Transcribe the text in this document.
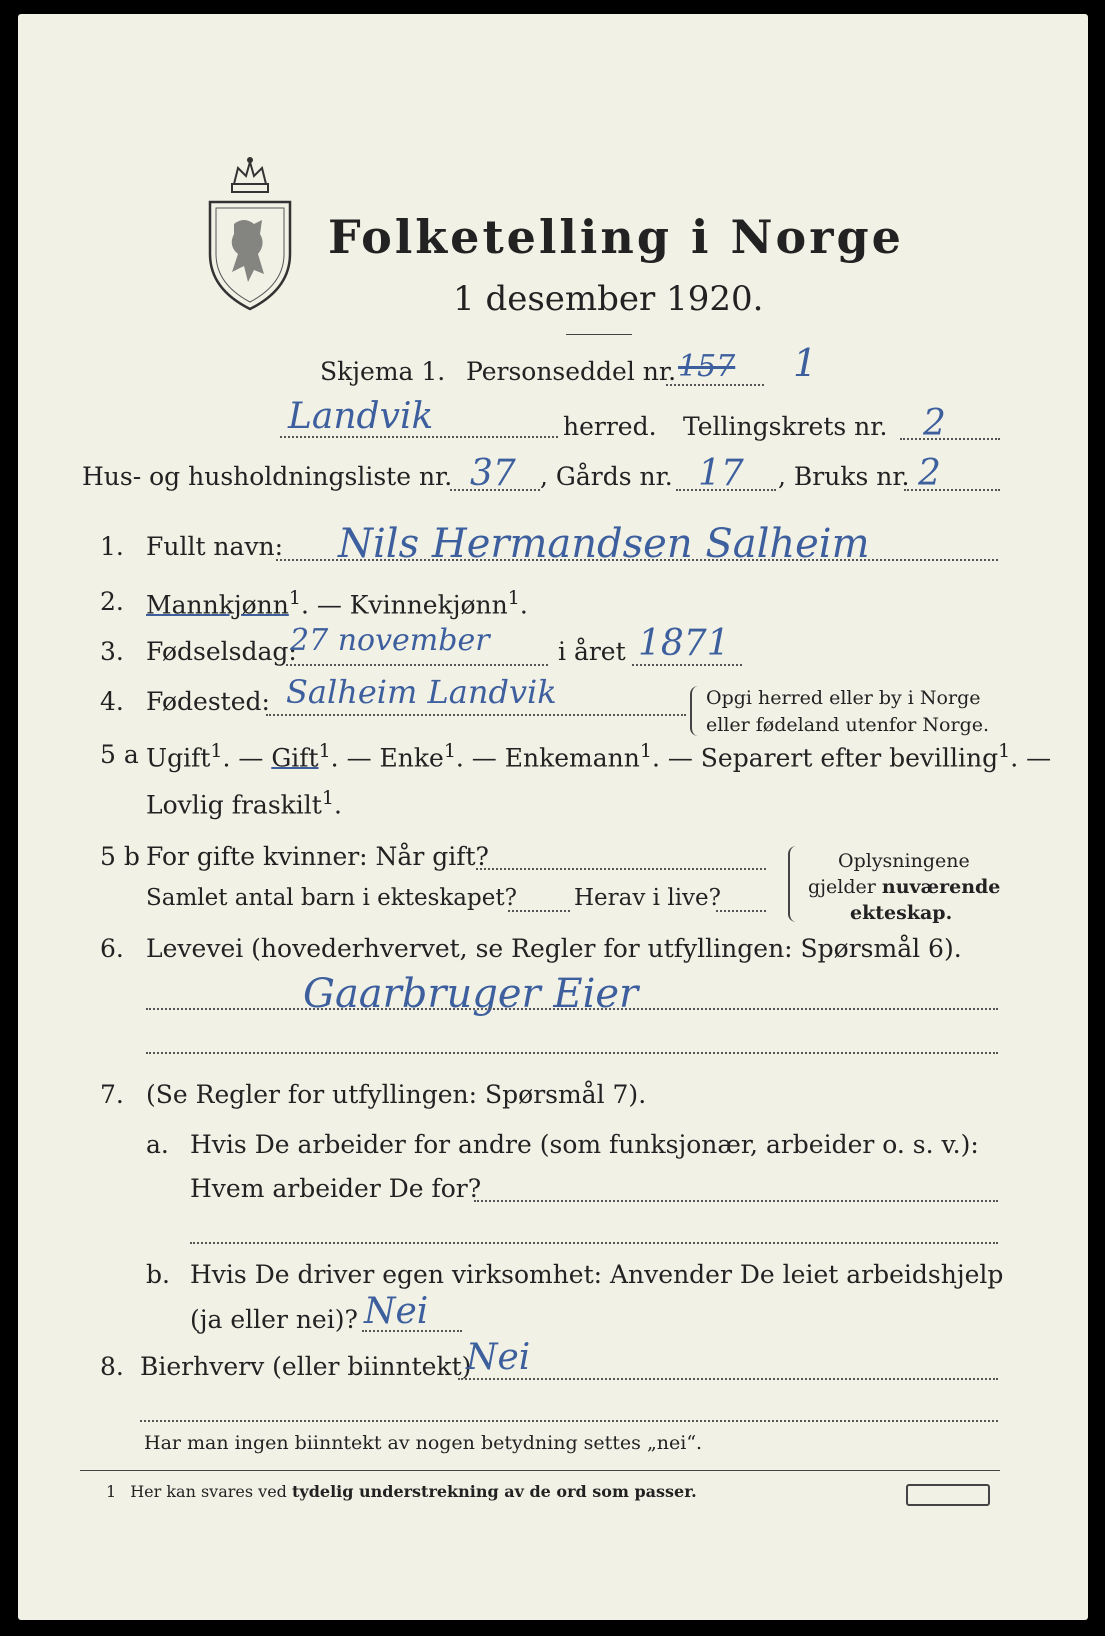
Folketelling i Norge
1 desember 1920.
Skjema 1. Personseddel nr. 157 1
Landvik	herred. Tellingskrets nr. 2
Hus- og husholdningsliste nr. 37 , Gårds nr. 17 , Bruks nr. 2
1. Fullt navn: Nils Hermandsen Salheim
2. Mannkjønn$^1$. — Kvinnekjønn$^1$.
3. Fødselsdag:
27 november	i året 1871
4. Fødested: Salheim Landvik	Opgi herred eller by i Norge
eller fødeland utenfor Norge.
5 a Ugift$^1$. — Gift$^1$. — Enke$^1$. — Enkemann$^1$. — Separert efter bevilling$^1$. —
Lovlig fraskilt$^1$.
5 b For gifte kvinner: Når gift?
Samlet antal barn i ekteskapet? Herav i live?
Oplysningene
gjelder nuværende
ekteskap.
6. Levevei (hovederhvervet, se Regler for utfyllingen: Spørsmål 6).
Gaarbruger Eier
7. (Se Regler for utfyllingen: Spørsmål 7).
a. Hvis De arbeider for andre (som funksjonær, arbeider o. s. v.):
Hvem arbeider De for?
b. Hvis De driver egen virksomhet: Anvender De leiet arbeidshjelp
(ja eller nei)? Nei
8. Bierhverv (eller biinntekt)
Nei
Har man ingen biinntekt av nogen betydning settes „nei“.
1 Her kan svares ved tydelig understrekning av de ord som passer.
